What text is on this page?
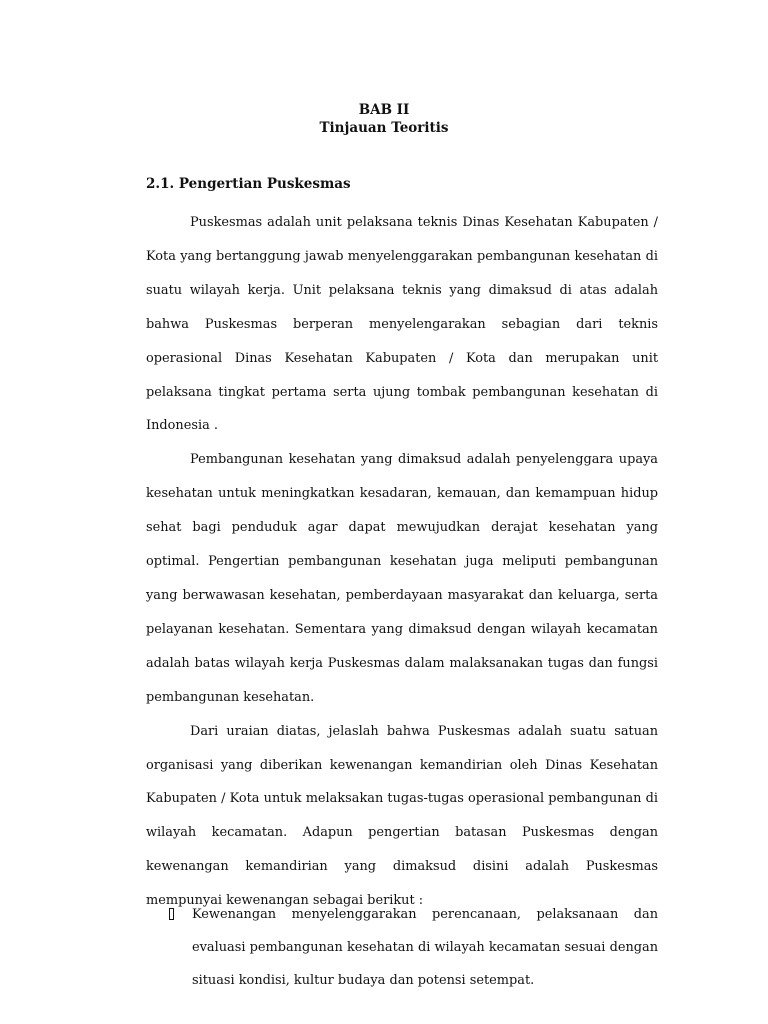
BAB II
Tinjauan Teoritis
2.1. Pengertian Puskesmas

Puskesmas adalah unit pelaksana teknis Dinas Kesehatan Kabupaten / Kota yang bertanggung jawab menyelenggarakan pembangunan kesehatan di suatu wilayah kerja. Unit pelaksana teknis yang dimaksud di atas adalah bahwa Puskesmas berperan menyelengarakan sebagian dari teknis operasional Dinas Kesehatan Kabupaten / Kota dan merupakan unit pelaksana tingkat pertama serta ujung tombak pembangunan kesehatan di Indonesia .

Pembangunan kesehatan yang dimaksud adalah penyelenggara upaya kesehatan untuk meningkatkan kesadaran, kemauan, dan kemampuan hidup sehat bagi penduduk agar dapat mewujudkan derajat kesehatan yang optimal. Pengertian pembangunan kesehatan juga meliputi pembangunan yang berwawasan kesehatan, pemberdayaan masyarakat dan keluarga, serta pelayanan kesehatan. Sementara yang dimaksud dengan wilayah kecamatan adalah batas wilayah kerja Puskesmas dalam malaksanakan tugas dan fungsi pembangunan kesehatan.

Dari uraian diatas, jelaslah bahwa Puskesmas adalah suatu satuan organisasi yang diberikan kewenangan kemandirian oleh Dinas Kesehatan Kabupaten / Kota untuk melaksakan tugas-tugas operasional pembangunan di wilayah kecamatan. Adapun pengertian batasan Puskesmas dengan kewenangan kemandirian yang dimaksud disini adalah Puskesmas mempunyai kewenangan sebagai berikut :

Kewenangan menyelenggarakan perencanaan, pelaksanaan dan evaluasi pembangunan kesehatan di wilayah kecamatan sesuai dengan situasi kondisi, kultur budaya dan potensi setempat.
